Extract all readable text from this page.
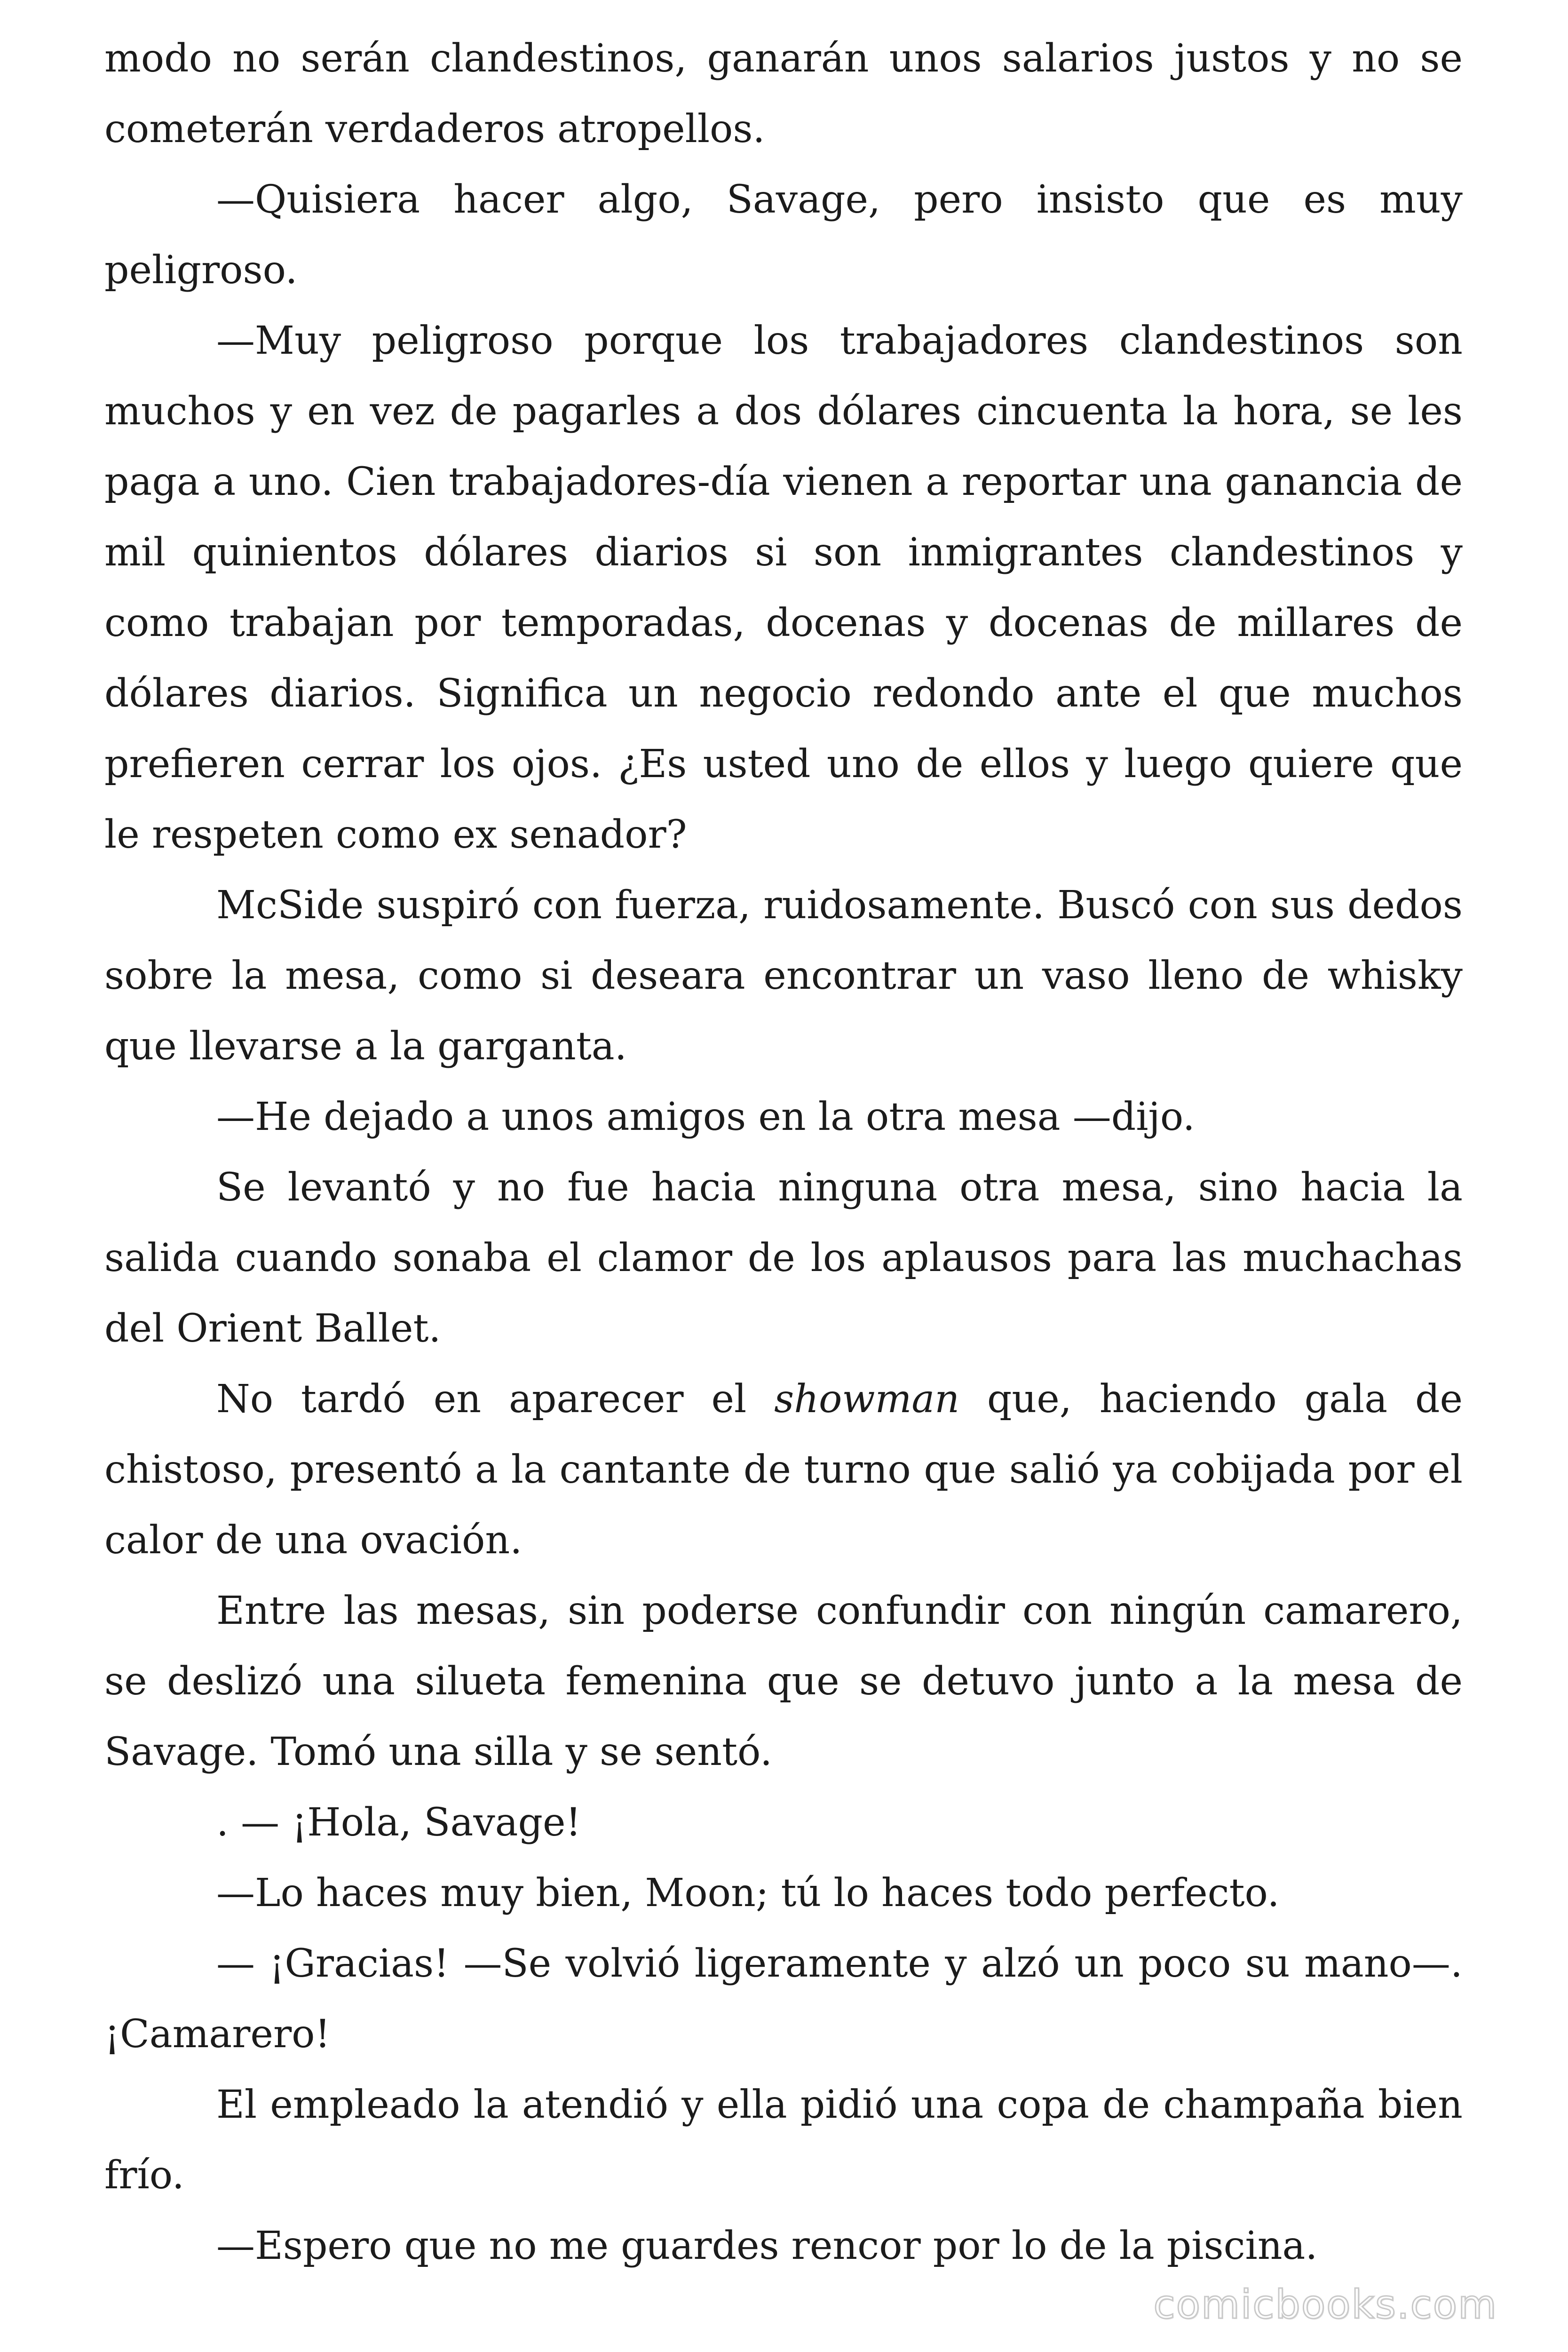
modo no serán clandestinos, ganarán unos salarios justos y no se cometerán verdaderos atropellos.

—Quisiera hacer algo, Savage, pero insisto que es muy peligroso.

—Muy peligroso porque los trabajadores clandestinos son muchos y en vez de pagarles a dos dólares cincuenta la hora, se les paga a uno. Cien trabajadores-día vienen a reportar una ganancia de mil quinientos dólares diarios si son inmigrantes clandestinos y como trabajan por temporadas, docenas y docenas de millares de dólares diarios. Significa un negocio redondo ante el que muchos prefieren cerrar los ojos. ¿Es usted uno de ellos y luego quiere que le respeten como ex senador?

McSide suspiró con fuerza, ruidosamente. Buscó con sus dedos sobre la mesa, como si deseara encontrar un vaso lleno de whisky que llevarse a la garganta.

—He dejado a unos amigos en la otra mesa —dijo.

Se levantó y no fue hacia ninguna otra mesa, sino hacia la salida cuando sonaba el clamor de los aplausos para las muchachas del Orient Ballet.

No tardó en aparecer el showman que, haciendo gala de chistoso, presentó a la cantante de turno que salió ya cobijada por el calor de una ovación.

Entre las mesas, sin poderse confundir con ningún camarero, se deslizó una silueta femenina que se detuvo junto a la mesa de Savage. Tomó una silla y se sentó.

. — ¡Hola, Savage!

—Lo haces muy bien, Moon; tú lo haces todo perfecto.

— ¡Gracias! —Se volvió ligeramente y alzó un poco su mano—. ¡Camarero!

El empleado la atendió y ella pidió una copa de champaña bien frío.

—Espero que no me guardes rencor por lo de la piscina.

comicbooks.com
